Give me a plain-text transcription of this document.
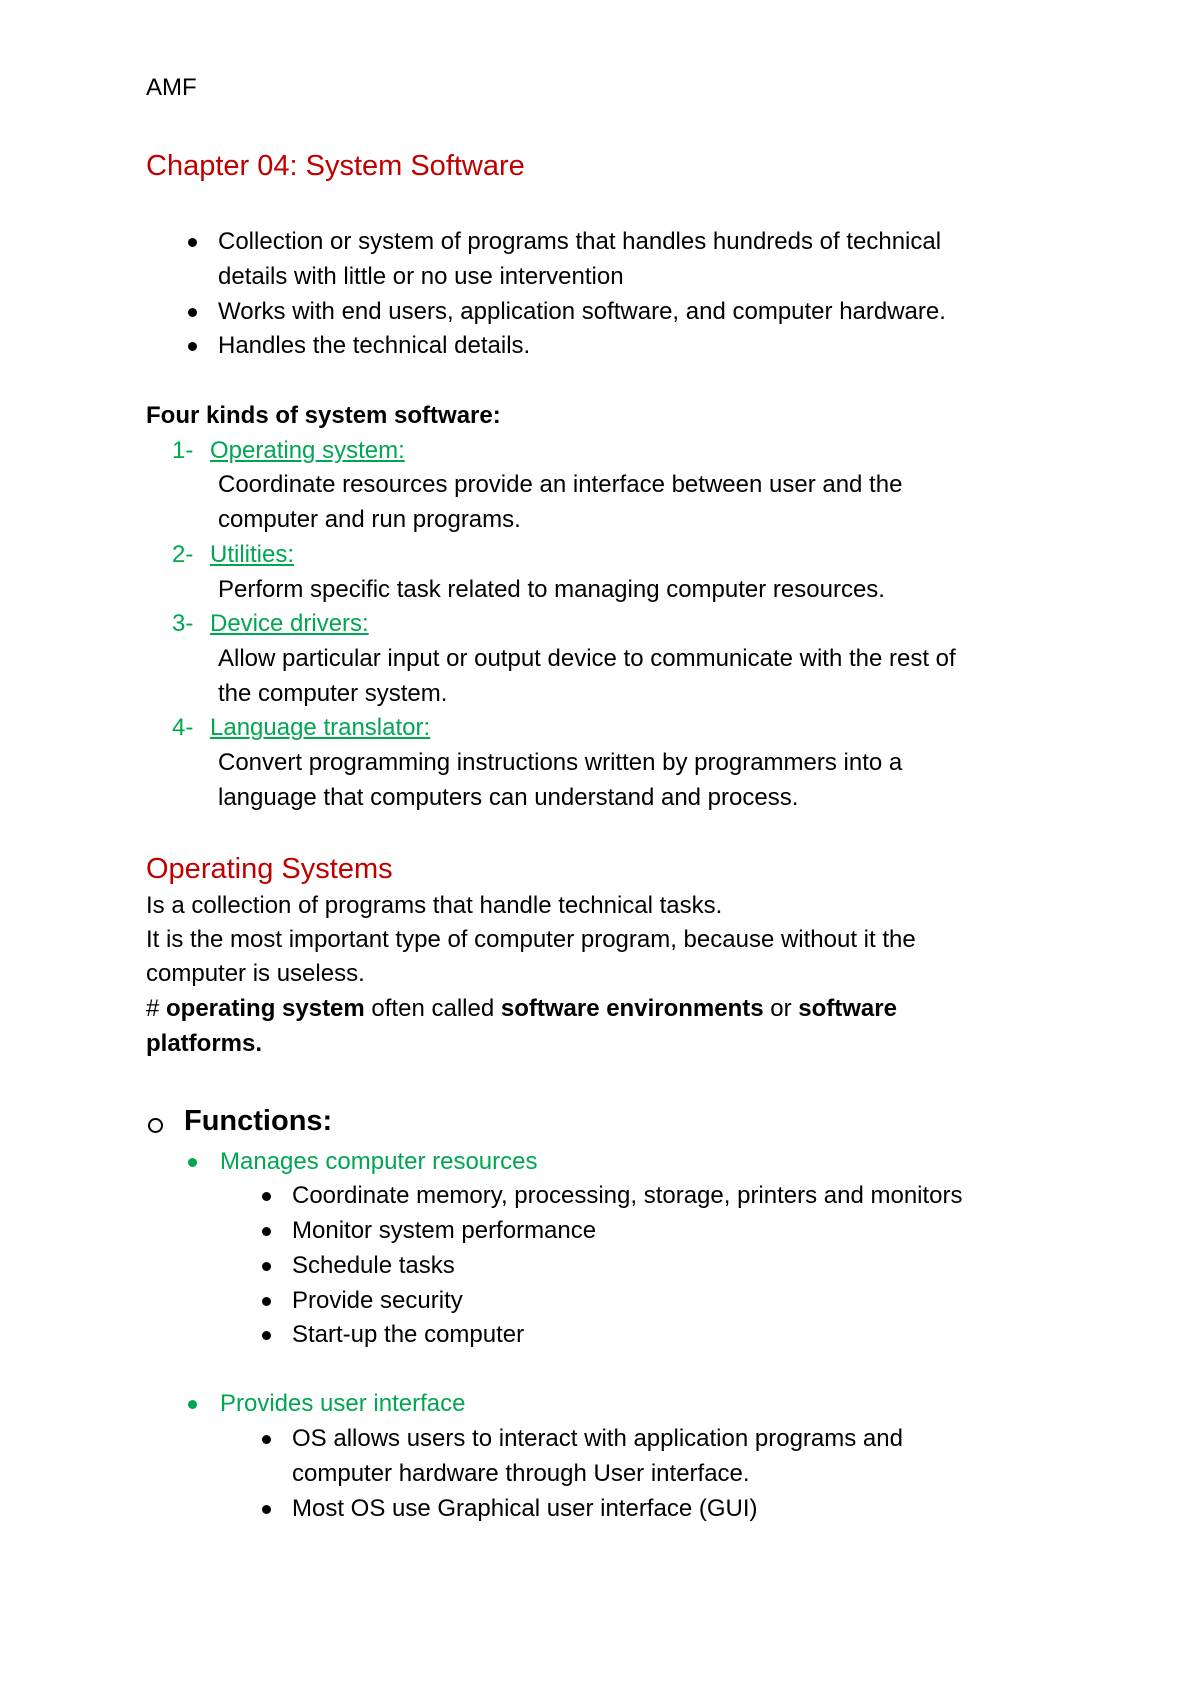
AMF
Chapter 04: System Software
Collection or system of programs that handles hundreds of technical
details with little or no use intervention
Works with end users, application software, and computer hardware.
Handles the technical details.
Four kinds of system software:
1- Operating system:
Coordinate resources provide an interface between user and the
computer and run programs.
2- Utilities:
Perform specific task related to managing computer resources.
3- Device drivers:
Allow particular input or output device to communicate with the rest of
the computer system.
4- Language translator:
Convert programming instructions written by programmers into a
language that computers can understand and process.
Operating Systems
Is a collection of programs that handle technical tasks.
It is the most important type of computer program, because without it the
computer is useless.
# operating system often called software environments or software
platforms.
Functions:
Manages computer resources
Coordinate memory, processing, storage, printers and monitors
Monitor system performance
Schedule tasks
Provide security
Start-up the computer
Provides user interface
OS allows users to interact with application programs and
computer hardware through User interface.
Most OS use Graphical user interface (GUI)
